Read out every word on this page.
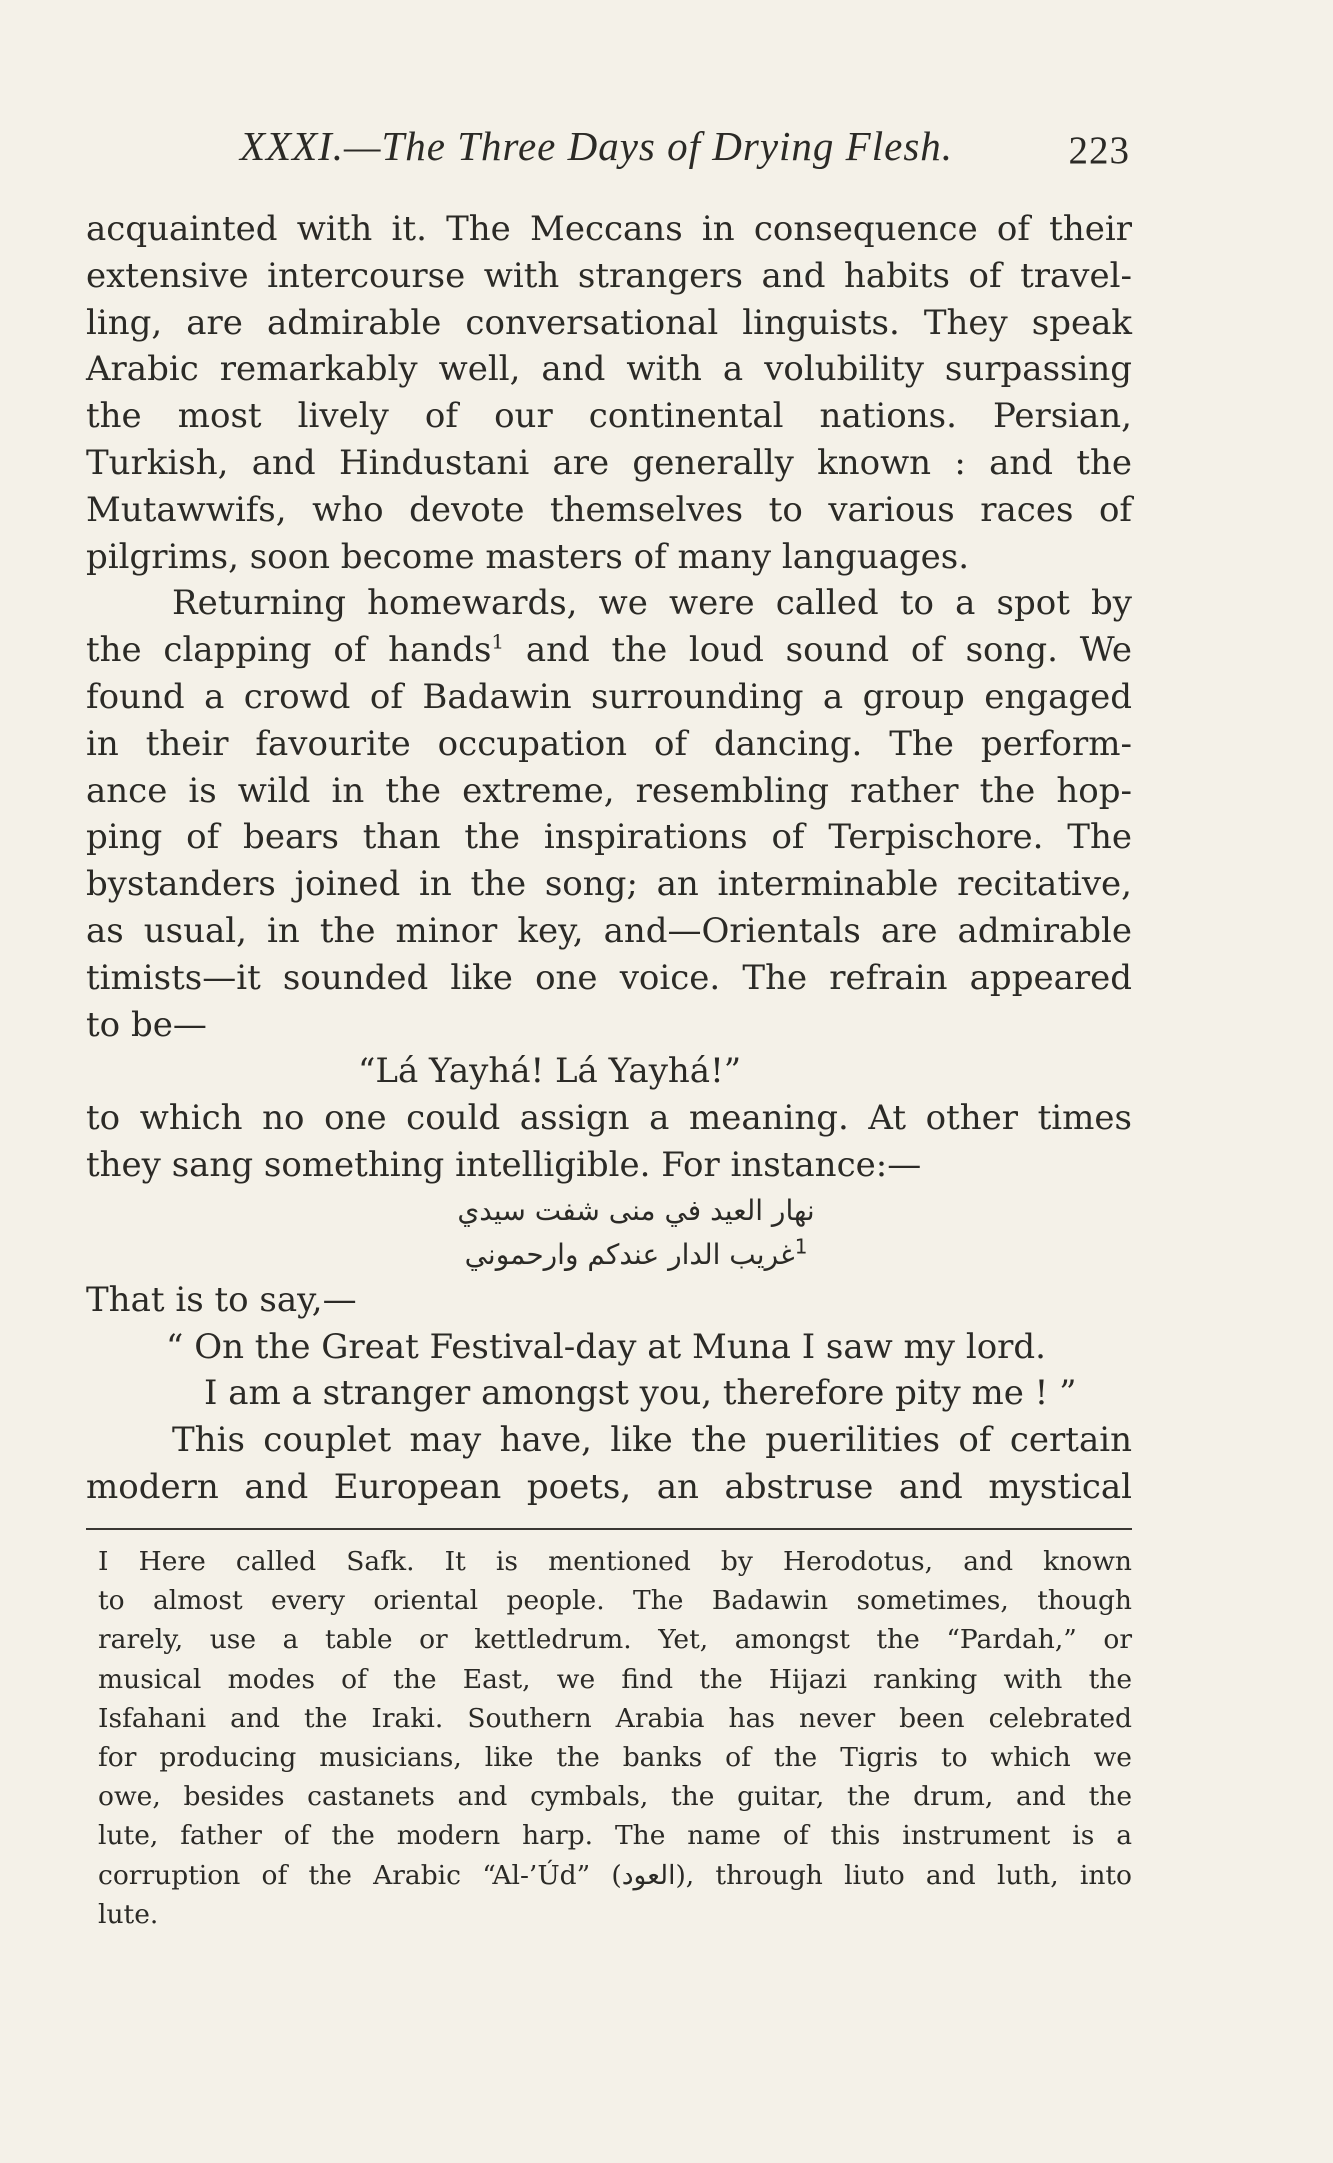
XXXI.—The Three Days of Drying Flesh.	223
acquainted with it. The Meccans in consequence of their
extensive intercourse with strangers and habits of travel-
ling, are admirable conversational linguists. They speak
Arabic remarkably well, and with a volubility surpassing
the most lively of our continental nations. Persian,
Turkish, and Hindustani are generally known : and the
Mutawwifs, who devote themselves to various races of
pilgrims, soon become masters of many languages.
Returning homewards, we were called to a spot by
the clapping of hands$^1$ and the loud sound of song. We
found a crowd of Badawin surrounding a group engaged
in their favourite occupation of dancing. The perform-
ance is wild in the extreme, resembling rather the hop-
ping of bears than the inspirations of Terpischore. The
bystanders joined in the song; an interminable recitative,
as usual, in the minor key, and—Orientals are admirable
timists—it sounded like one voice. The refrain appeared
to be—
“Lá Yayhá! Lá Yayhá!”
to which no one could assign a meaning. At other times
they sang something intelligible. For instance:—
نهار العيد في منى شفت سيدي
$^1$غريب الدار عندكم وارحموني
That is to say,—
“ On the Great Festival-day at Muna I saw my lord.
I am a stranger amongst you, therefore pity me ! ”
This couplet may have, like the puerilities of certain
modern and European poets, an abstruse and mystical
I Here called Safk. It is mentioned by Herodotus, and known
to almost every oriental people. The Badawin sometimes, though
rarely, use a table or kettledrum. Yet, amongst the “Pardah,” or
musical modes of the East, we find the Hijazi ranking with the
Isfahani and the Iraki. Southern Arabia has never been celebrated
for producing musicians, like the banks of the Tigris to which we
owe, besides castanets and cymbals, the guitar, the drum, and the
lute, father of the modern harp. The name of this instrument is a
corruption of the Arabic “Al-’Úd” (العود), through liuto and luth, into
lute.
